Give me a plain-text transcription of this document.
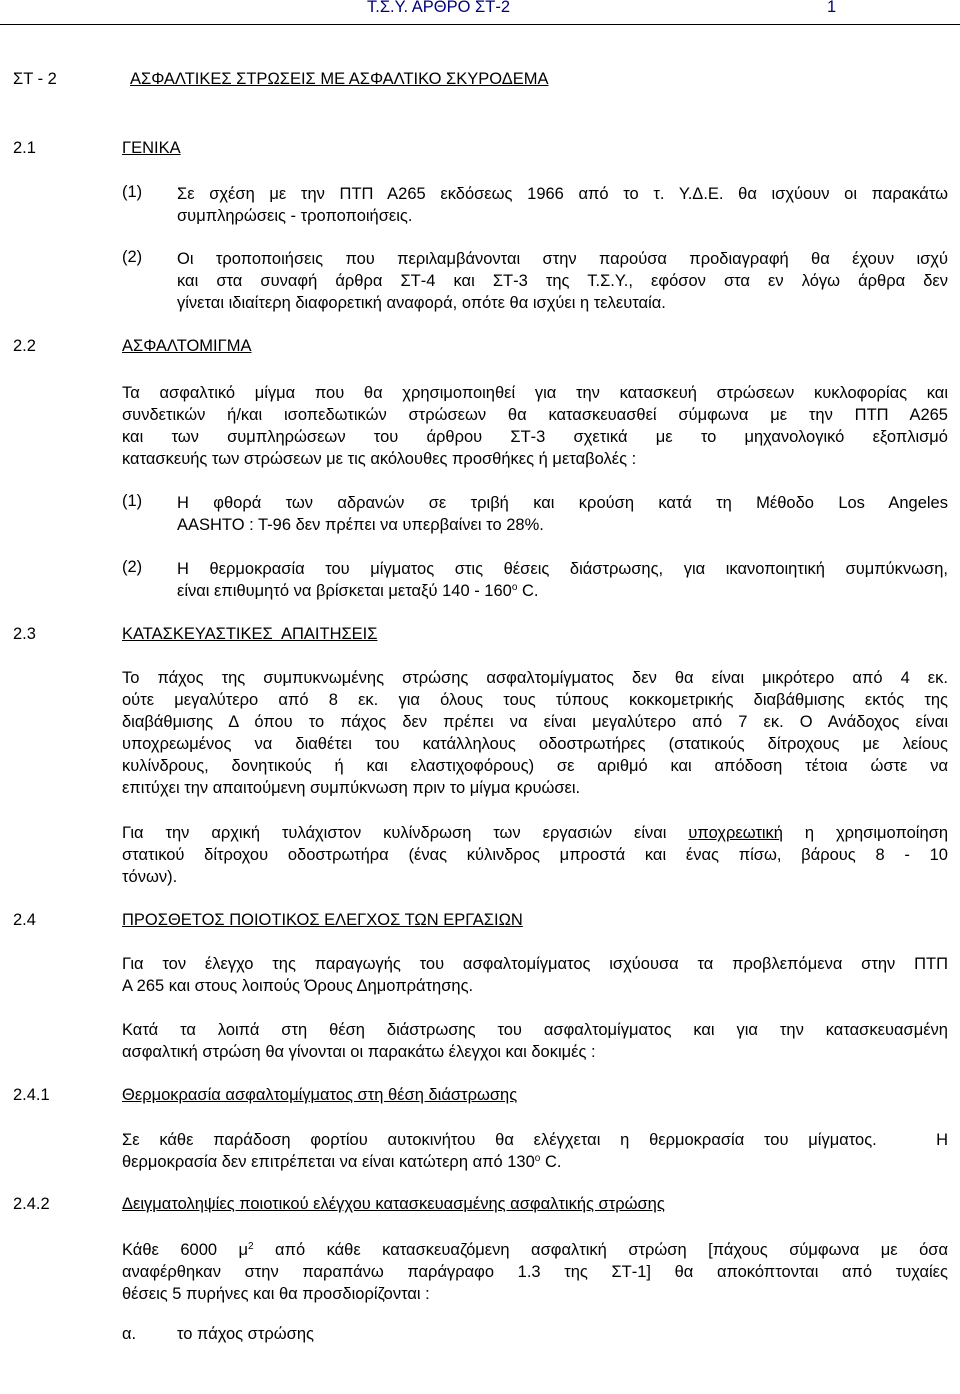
Τ.Σ.Υ. ΑΡΘΡΟ ΣΤ-2	1
ΣΤ - 2	ΑΣΦΑΛΤΙΚΕΣ ΣΤΡΩΣΕΙΣ ΜΕ ΑΣΦΑΛΤΙΚΟ ΣΚΥΡΟΔΕΜΑ
2.1	ΓΕΝΙΚΑ
(1) Σε σχέση με την ΠΤΠ Α265 εκδόσεως 1966 από το τ. Υ.Δ.Ε. θα ισχύουν οι παρακάτω

συμπληρώσεις - τροποποιήσεις.

(2) Οι τροποποιήσεις που περιλαμβάνονται στην παρούσα προδιαγραφή θα έχουν ισχύ

και στα συναφή άρθρα ΣΤ-4 και ΣΤ-3 της Τ.Σ.Υ., εφόσον στα εν λόγω άρθρα δεν

γίνεται ιδιαίτερη διαφορετική αναφορά, οπότε θα ισχύει η τελευταία.

2.2	ΑΣΦΑΛΤΟΜΙΓΜΑ

Τα ασφαλτικό μίγμα που θα χρησιμοποιηθεί για την κατασκευή στρώσεων κυκλοφορίας και

συνδετικών ή/και ισοπεδωτικών στρώσεων θα κατασκευασθεί σύμφωνα με την ΠΤΠ Α265

και των συμπληρώσεων του άρθρου ΣΤ-3 σχετικά με το μηχανολογικό εξοπλισμό

κατασκευής των στρώσεων με τις ακόλουθες προσθήκες ή μεταβολές :

(1) Η φθορά των αδρανών σε τριβή και κρούση κατά τη Μέθοδο Los Angeles

AASHTO : T-96 δεν πρέπει να υπερβαίνει το 28%.

(2) Η θερμοκρασία του μίγματος στις θέσεις διάστρωσης, για ικανοποιητική συμπύκνωση,

είναι επιθυμητό να βρίσκεται μεταξύ $140 - 160^o$ C.

2.3	ΚΑΤΑΣΚΕΥΑΣΤΙΚΕΣ  ΑΠΑΙΤΗΣΕΙΣ

Το πάχος της συμπυκνωμένης στρώσης ασφαλτομίγματος δεν θα είναι μικρότερο από 4 εκ.

ούτε μεγαλύτερο από 8 εκ. για όλους τους τύπους κοκκομετρικής διαβάθμισης εκτός της

διαβάθμισης Δ όπου το πάχος δεν πρέπει να είναι μεγαλύτερο από 7 εκ. Ο Ανάδοχος είναι

υποχρεωμένος να διαθέτει του κατάλληλους οδοστρωτήρες (στατικούς δίτροχους με λείους

κυλίνδρους, δονητικούς ή και ελαστιχοφόρους) σε αριθμό και απόδοση τέτοια ώστε να

επιτύχει την απαιτούμενη συμπύκνωση πριν το μίγμα κρυώσει.

Για την αρχική τυλάχιστον κυλίνδρωση των εργασιών είναι υποχρεωτική η χρησιμοποίηση

στατικού δίτροχου οδοστρωτήρα (ένας κύλινδρος μπροστά και ένας πίσω, βάρους 8 - 10

τόνων).

2.4	ΠΡΟΣΘΕΤΟΣ ΠΟΙΟΤΙΚΟΣ ΕΛΕΓΧΟΣ ΤΩΝ ΕΡΓΑΣΙΩΝ

Για τον έλεγχο της παραγωγής του ασφαλτομίγματος ισχύουσα τα προβλεπόμενα στην ΠΤΠ

Α 265 και στους λοιπούς Όρους Δημοπράτησης.

Κατά τα λοιπά στη θέση διάστρωσης του ασφαλτομίγματος και για την κατασκευασμένη

ασφαλτική στρώση θα γίνονται οι παρακάτω έλεγχοι και δοκιμές :

2.4.1	Θερμοκρασία ασφαλτομίγματος στη θέση διάστρωσης

Σε κάθε παράδοση φορτίου αυτοκινήτου θα ελέγχεται η θερμοκρασία του μίγματος.   Η

θερμοκρασία δεν επιτρέπεται να είναι κατώτερη από $130^o$ C.

2.4.2	Δειγματοληψίες ποιοτικού ελέγχου κατασκευασμένης ασφαλτικής στρώσης

Κάθε 6000 $\mu^2$ από κάθε κατασκευαζόμενη ασφαλτική στρώση [πάχους σύμφωνα με όσα

αναφέρθηκαν στην παραπάνω παράγραφο 1.3 της ΣΤ-1] θα αποκόπτονται από τυχαίες

θέσεις 5 πυρήνες και θα προσδιορίζονται :

α. το πάχος στρώσης
